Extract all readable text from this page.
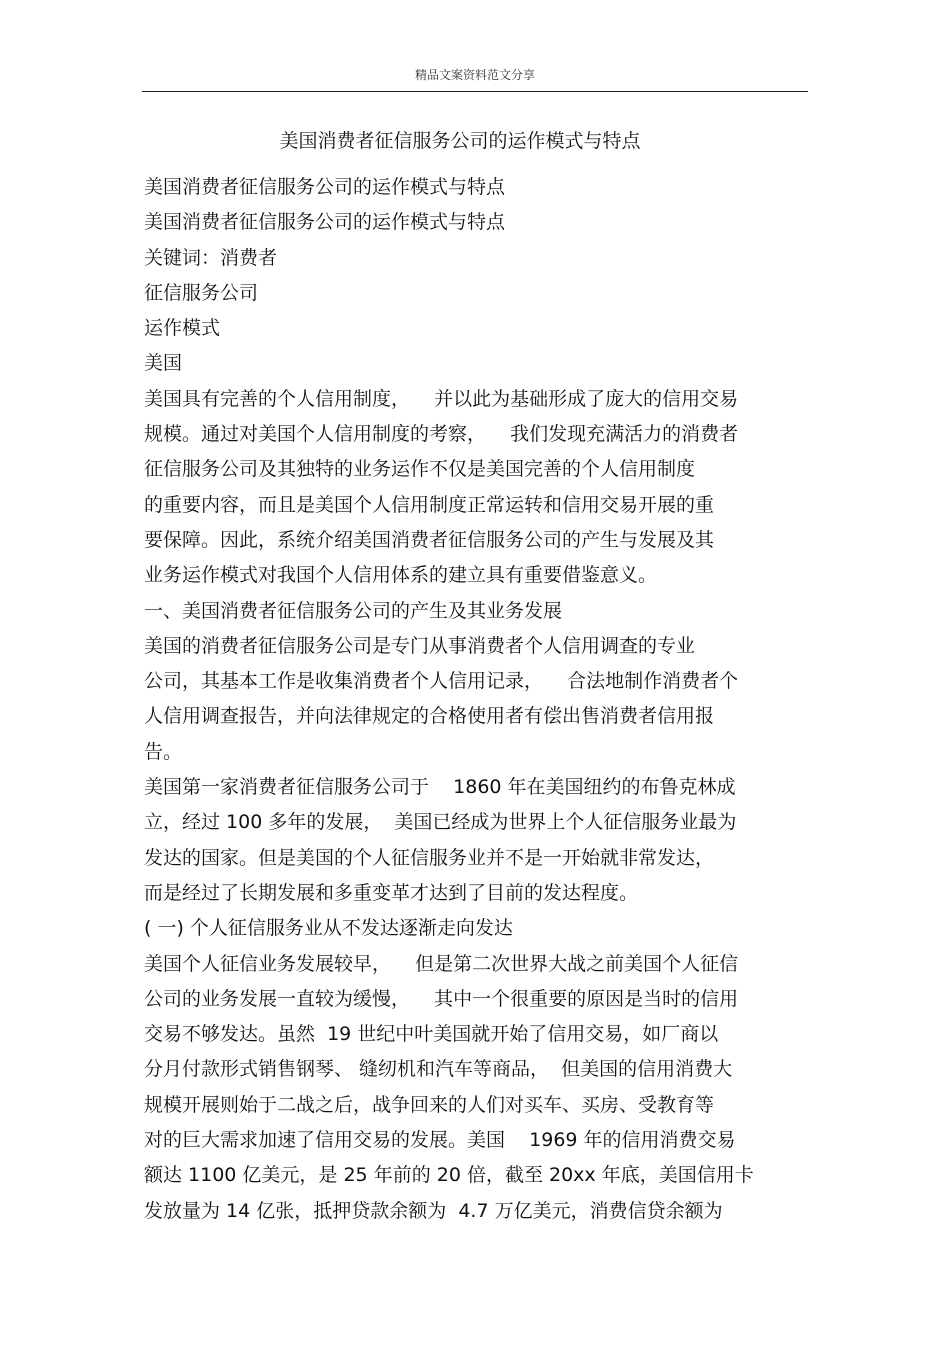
精品文案资料范文分享
美国消费者征信服务公司的运作模式与特点
美国消费者征信服务公司的运作模式与特点
美国消费者征信服务公司的运作模式与特点
关键词：消费者
征信服务公司
运作模式
美国
美国具有完善的个人信用制度，    并以此为基础形成了庞大的信用交易
规模。通过对美国个人信用制度的考察，    我们发现充满活力的消费者
征信服务公司及其独特的业务运作不仅是美国完善的个人信用制度
的重要内容，而且是美国个人信用制度正常运转和信用交易开展的重
要保障。因此，系统介绍美国消费者征信服务公司的产生与发展及其
业务运作模式对我国个人信用体系的建立具有重要借鉴意义。
一、美国消费者征信服务公司的产生及其业务发展
美国的消费者征信服务公司是专门从事消费者个人信用调查的专业
公司，其基本工作是收集消费者个人信用记录，    合法地制作消费者个
人信用调查报告，并向法律规定的合格使用者有偿出售消费者信用报
告。
美国第一家消费者征信服务公司于    1860 年在美国纽约的布鲁克林成
立，经过 100 多年的发展，  美国已经成为世界上个人征信服务业最为
发达的国家。但是美国的个人征信服务业并不是一开始就非常发达，
而是经过了长期发展和多重变革才达到了目前的发达程度。
( 一) 个人征信服务业从不发达逐渐走向发达
美国个人征信业务发展较早，    但是第二次世界大战之前美国个人征信
公司的业务发展一直较为缓慢，    其中一个很重要的原因是当时的信用
交易不够发达。虽然  19 世纪中叶美国就开始了信用交易，如厂商以
分月付款形式销售钢琴、 缝纫机和汽车等商品，  但美国的信用消费大
规模开展则始于二战之后，战争回来的人们对买车、买房、受教育等
对的巨大需求加速了信用交易的发展。美国    1969 年的信用消费交易
额达 1100 亿美元，是 25 年前的 20 倍，截至 20xx 年底，美国信用卡
发放量为 14 亿张，抵押贷款余额为  4.7 万亿美元，消费信贷余额为
